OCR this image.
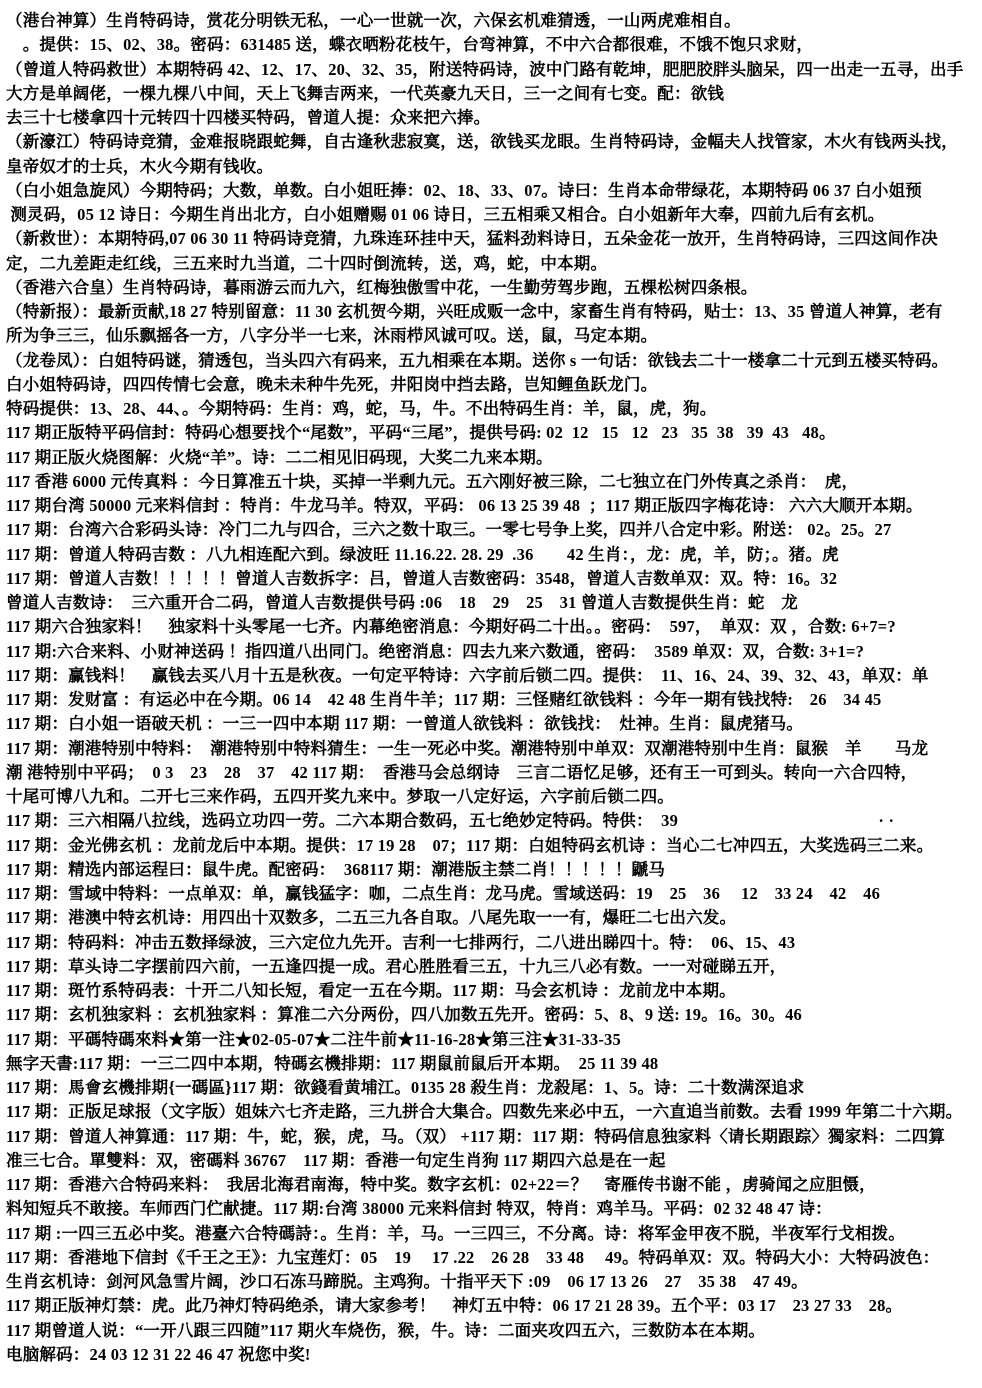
（港台神算）生肖特码诗，赏花分明铁无私，一心一世就一次，六保玄机难猜透，一山两虎难相自。
　。提供：15、02、38。密码：631485 送，蝶衣晒粉花枝午，台弯神算，不中六合都很难，不饿不饱只求财，
（曾道人特码救世）本期特码 42、12、17、20、32、35，附送特码诗，波中门路有乾坤，肥肥胶胖头脑呆，四一出走一五寻，出手
大方是单阔佬，一棵九棵八中间，天上飞舞吉两来，一代英豪九天日，三一之间有七变。配：欲钱
去三十七楼拿四十元转四十四楼买特码，曾道人提：众来把六捧。
（新濠江）特码诗竞猜，金难报晓跟蛇舞，自古逢秋悲寂寞，送，欲钱买龙眼。生肖特码诗，金幅夫人找管家，木火有钱两头找，
皇帝奴才的士兵，木火今期有钱收。
（白小姐急旋风）今期特码；大数，单数。白小姐旺捧：02、18、33、07。诗曰：生肖本命带绿花，本期特码 06 37 白小姐预
测灵码，05 12 诗日：今期生肖出北方，白小姐赠赐 01 06 诗日，三五相乘又相合。白小姐新年大奉，四前九后有玄机。
（新救世）：本期特码,07 06 30 11 特码诗竞猜，九珠连环挂中天，猛料劲料诗日，五朵金花一放开，生肖特码诗，三四这间作决
定，二九差距走红线，三五来时九当道，二十四时倒流转，送，鸡，蛇，中本期。
（香港六合皇）生肖特码诗，暮雨游云而九六，红梅独傲雪中花，一生勤劳驾步跑，五棵松树四条根。
（特新报）：最新贡献,18 27 特别留意：11 30 玄机贺今期，兴旺成贩一念中，家畜生肖有特码，贴士：13、35 曾道人神算，老有
所为争三三，仙乐飘摇各一方，八字分半一七来，沐雨栉风诚可叹。送，鼠，马定本期。
（龙卷凤）：白姐特码谜，猜透包，当头四六有码来，五九相乘在本期。送你 s 一句话：欲钱去二十一楼拿二十元到五楼买特码。
白小姐特码诗，四四传情七会意，晚未未种牛先死，井阳岗中挡去路，岂知鲤鱼跃龙门。
特码提供：13、28、44、。今期特码：生肖：鸡，蛇，马，牛。不出特码生肖：羊，鼠，虎，狗。
117 期正版特平码信封：特码心想要找个“尾数”，平码“三尾”，提供号码: 02  12   15   12   23   35  38   39  43   48。
117 期正版火烧图解：火烧“羊”。诗：二二相见旧码现，大奖二九来本期。
117 香港 6000 元传真料 ：今日算准五十块，买掉一半剩九元。五六刚好被三除，二七独立在门外传真之杀肖：　虎，
117 期台湾 50000 元来料信封 ：特肖：牛龙马羊。特双，平码： 06 13 25 39 48  ；117 期正版四字梅花诗： 六六大顺开本期。
117 期：台湾六合彩码头诗：冷门二九与四合，三六之数十取三。一零七号争上奖，四并八合定中彩。附送： 02。25。27
117 期：曾道人特码吉数 ：八九相连配六到。绿波旺 11.16.22. 28. 29  .36　　42 生肖：，龙：虎，羊，防；。猪。虎
117 期：曾道人吉数！！！！！曾道人吉数拆字：吕，曾道人吉数密码：3548，曾道人吉数单双：双。特：16。32
曾道人吉数诗：　三六重开合二码，曾道人吉数提供号码 :06　18　29　25　31 曾道人吉数提供生肖：蛇　龙
117 期六合独家料！　独家料十头零尾一七齐。内幕绝密消息：今期好码二十出。。密码：　597，　单双：双 ，合数: 6+7=?
117 期:六合来料、小财神送码 ！指四道八出同门。绝密消息：四去九来六数通，密码：　3589 单双：双，合数: 3+1=?
117 期：赢钱料！　赢钱去买八月十五是秋夜。一句定平特诗：六字前后锁二四。提供：　11、16、24、39、32、43，单双：单
117 期：发财富 ：有运必中在今期。06 14　42 48 生肖牛羊；117 期：三怪赌红欲钱料 ：今年一期有钱找特:　26　34 45
117 期：白小姐一语破天机 ：一三一四中本期 117 期：一曾道人欲钱料 ：欲钱找：　灶神。生肖：鼠虎猪马。
117 期：潮港特别中特料：　潮港特别中特料猜生：一生一死必中奖。潮港特别中单双：双潮港特别中生肖：鼠猴　羊　　马龙
潮 港特别中平码；　0 3　23　28　37　42 117 期：　香港马会总纲诗　三言二语忆足够，还有王一可到头。转向一六合四特，
十尾可博八九和。二开七三来作码，五四开奖九来中。梦取一八定好运，六字前后锁二四。
117 期：三六相隔八拉线，选码立功四一劳。二六本期合数码，五七绝妙定特码。特供：　39　　　　　　　　　　　　· ·
117 期：金光佛玄机 ：龙前龙后中本期。提供：17 19 28　07；117 期：白姐特码玄机诗 ：当心二七冲四五，大奖选码三二来。
117 期：精选内部运程曰：鼠牛虎。配密码：　368117 期：潮港版主禁二肖！！！！！鼶马
117 期：雪域中特料：一点单双：单，赢钱猛字：咖，二点生肖：龙马虎。雪域送码：19　25　36　 12　33 24　42　46
117 期：港澳中特玄机诗：用四出十双数多，二五三九各自取。八尾先取一一有，爆旺二七出六发。
117 期：特码料：冲击五数择绿波，三六定位九先开。吉利一七排两行，二八进出睇四十。特：　06、15、43
117 期：草头诗二字摆前四六前，一五逢四提一成。君心胜胜看三五，十九三八必有数。一一对碰睇五开，
117 期：斑竹系特码表：十开二八知长短，看定一五在今期。117 期：马会玄机诗 ：龙前龙中本期。
117 期：玄机独家料 ：玄机独家料 ：算准二六分两份，四八加数五先开。密码：5、8、9 送: 19。16。30。46
117 期：平碼特碼來料★第一注★02-05-07★二注牛前★11-16-28★第三注★31-33-35
無字天書:117 期：一三二四中本期，特碼玄機排期：117 期鼠前鼠后开本期。　25 11 39 48
117 期：馬會玄機排期{一碼區}117 期：欲錢看黄埔江。0135 28 殺生肖：龙殺尾：1、5。诗：二十数满深追求
117 期：正版足球报（文字版）姐妹六七齐走路，三九拼合大集合。四数先来必中五，一六直追当前数。去看 1999 年第二十六期。
117 期：曾道人神算通：117 期：牛，蛇，猴，虎，马。（双） +117 期：117 期：特码信息独家料〈请长期跟踪〉獨家料：二四算
准三七合。單雙料：双，密碼料 36767　117 期：香港一句定生肖狗 117 期四六总是在一起
117 期：香港六合特码来料：　我居北海君南海，特中奖。数字玄机：02+22＝？　寄雁传书谢不能 ，虏骑闻之应胆慑，
料知短兵不敢接。车师西门伫献捷。117 期:台湾 38000 元来料信封 特双，特肖：鸡羊马。平码：02 32 48 47 诗：
117 期 :一四三五必中奖。港臺六合特碼詩：。生肖：羊，马。一三四三，不分离。诗：将军金甲夜不脱，半夜军行戈相拨。
117 期：香港地下信封《千王之王》：九宝莲灯：05　19　 17 .22　26 28　33 48　 49。特码单双：双。特码大小：大特码波色：
生肖玄机诗：剑河风急雪片阔，沙口石冻马蹄脱。主鸡狗。十指平天下 :09　06 17 13 26　27　35 38　47 49。
117 期正版神灯禁：虎。此乃神灯特码绝杀，请大家参考！　神灯五中特：06 17 21 28 39。五个平：03 17　23 27 33　28。
117 期曾道人说：“一开八跟三四随”117 期火车烧伤，猴，牛。诗：二面夹攻四五六，三数防本在本期。
电脑解码：24 03 12 31 22 46 47 祝您中奖!
